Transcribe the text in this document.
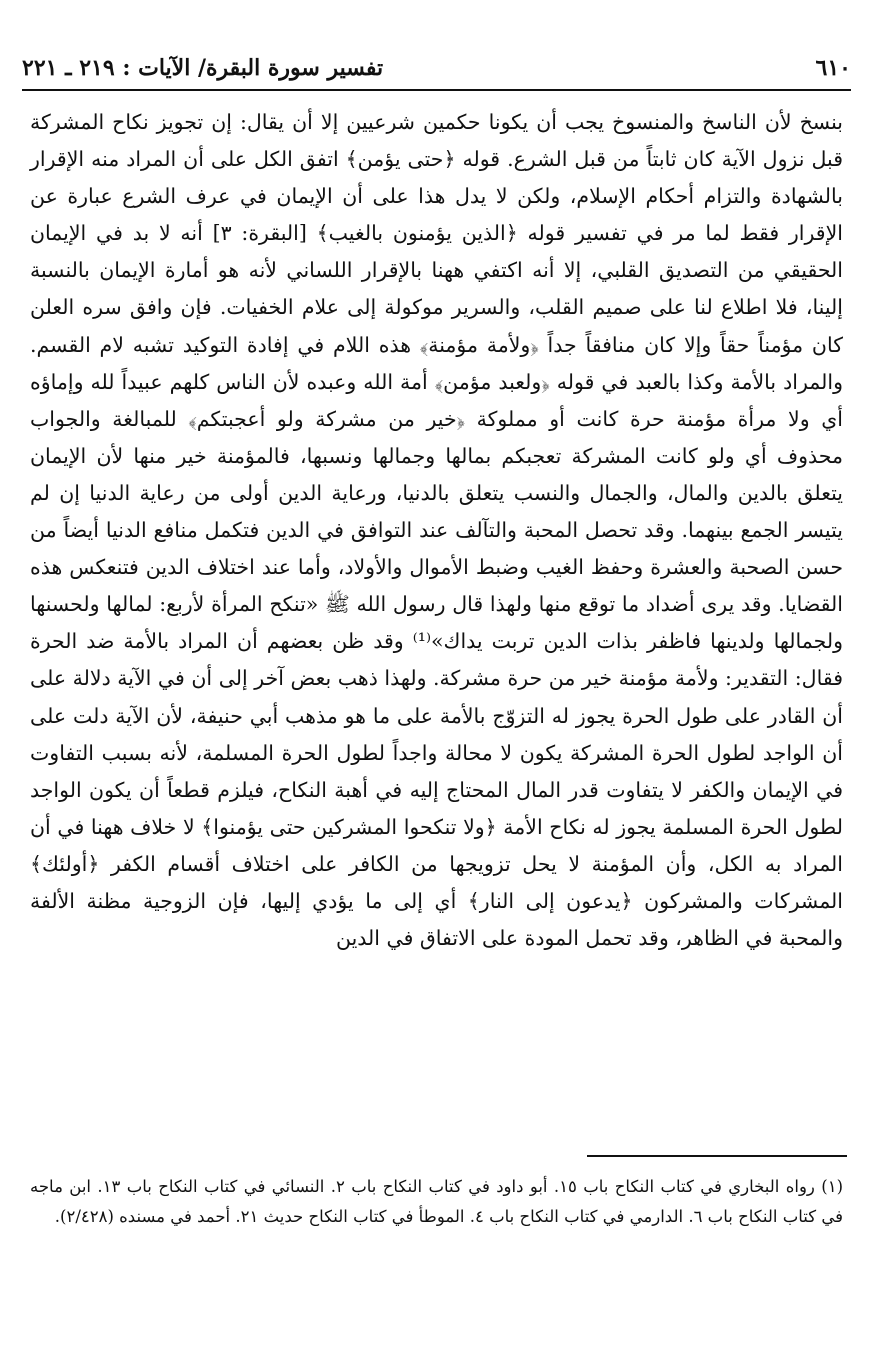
٦١٠
تفسير سورة البقرة/ الآيات : ٢١٩ ـ ٢٢١

بنسخ لأن الناسخ والمنسوخ يجب أن يكونا حكمين شرعيين إلا أن يقال: إن تجويز نكاح المشركة قبل نزول الآية كان ثابتاً من قبل الشرع. قوله ﴿حتى يؤمن﴾ اتفق الكل على أن المراد منه الإقرار بالشهادة والتزام أحكام الإسلام، ولكن لا يدل هذا على أن الإيمان في عرف الشرع عبارة عن الإقرار فقط لما مر في تفسير قوله ﴿الذين يؤمنون بالغيب﴾ [البقرة: ٣] أنه لا بد في الإيمان الحقيقي من التصديق القلبي، إلا أنه اكتفي ههنا بالإقرار اللساني لأنه هو أمارة الإيمان بالنسبة إلينا، فلا اطلاع لنا على صميم القلب، والسرير موكولة إلى علام الخفيات. فإن وافق سره العلن كان مؤمناً حقاً وإلا كان منافقاً جداً ﴿ولأمة مؤمنة﴾ هذه اللام في إفادة التوكيد تشبه لام القسم. والمراد بالأمة وكذا بالعبد في قوله ﴿ولعبد مؤمن﴾ أمة الله وعبده لأن الناس كلهم عبيداً لله وإماؤه أي ولا مرأة مؤمنة حرة كانت أو مملوكة ﴿خير من مشركة ولو أعجبتكم﴾ للمبالغة والجواب محذوف أي ولو كانت المشركة تعجبكم بمالها وجمالها ونسبها، فالمؤمنة خير منها لأن الإيمان يتعلق بالدين والمال، والجمال والنسب يتعلق بالدنيا، ورعاية الدين أولى من رعاية الدنيا إن لم يتيسر الجمع بينهما. وقد تحصل المحبة والتآلف عند التوافق في الدين فتكمل منافع الدنيا أيضاً من حسن الصحبة والعشرة وحفظ الغيب وضبط الأموال والأولاد، وأما عند اختلاف الدين فتنعكس هذه القضايا. وقد يرى أضداد ما توقع منها ولهذا قال رسول الله ﷺ «تنكح المرأة لأربع: لمالها ولحسنها ولجمالها ولدينها فاظفر بذات الدين تربت يداك»⁽¹⁾ وقد ظن بعضهم أن المراد بالأمة ضد الحرة فقال: التقدير: ولأمة مؤمنة خير من حرة مشركة. ولهذا ذهب بعض آخر إلى أن في الآية دلالة على أن القادر على طول الحرة يجوز له التزوّج بالأمة على ما هو مذهب أبي حنيفة، لأن الآية دلت على أن الواجد لطول الحرة المشركة يكون لا محالة واجداً لطول الحرة المسلمة، لأنه بسبب التفاوت في الإيمان والكفر لا يتفاوت قدر المال المحتاج إليه في أهبة النكاح، فيلزم قطعاً أن يكون الواجد لطول الحرة المسلمة يجوز له نكاح الأمة ﴿ولا تنكحوا المشركين حتى يؤمنوا﴾ لا خلاف ههنا في أن المراد به الكل، وأن المؤمنة لا يحل تزويجها من الكافر على اختلاف أقسام الكفر ﴿أولئك﴾ المشركات والمشركون ﴿يدعون إلى النار﴾ أي إلى ما يؤدي إليها، فإن الزوجية مظنة الألفة والمحبة في الظاهر، وقد تحمل المودة على الاتفاق في الدين

(١) رواه البخاري في كتاب النكاح باب ١٥. أبو داود في كتاب النكاح باب ٢. النسائي في كتاب النكاح باب ١٣. ابن ماجه في كتاب النكاح باب ٦. الدارمي في كتاب النكاح باب ٤. الموطأ في كتاب النكاح حديث ٢١. أحمد في مسنده (٢/٤٢٨).
